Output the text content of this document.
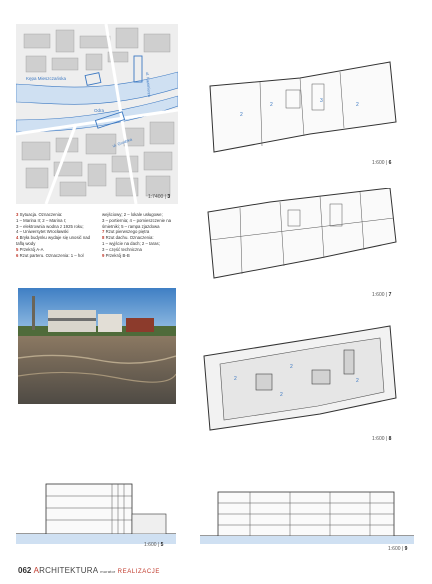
Kępa Mieszczańska
Odra
ul. Grodzka
ul. Kazimierza
1:7400 | 3
3 Sytuacja. Oznaczenia:
1 – Marina II; 2 – Marina I;
3 – elektrownia wodna z 1925 roku;
4 – Uniwersytet Wrocławski
4 Bryła budynku wydaje się unosić nad taflą wody
5 Przekrój A-A
6 Rzut parteru. Oznaczenia: 1 – hol
wejściowy; 2 – lokale usługowe;
3 – portiernia; 4 – pomieszczenie na śmietniki; 5 – rampa zjazdowa
7 Rzut pierwszego piętra
8 Rzut dachu. Oznaczenia:
1 – wyjście na dach; 2 – taras;
3 – część techniczna
9 Przekrój B-B
2
2	2
3
1:600 | 6
1:600 | 7
2
2
2
2
1:600 | 8
1:600 | 5
1:600 | 9
062 ARCHITEKTURA murator REALIZACJE
